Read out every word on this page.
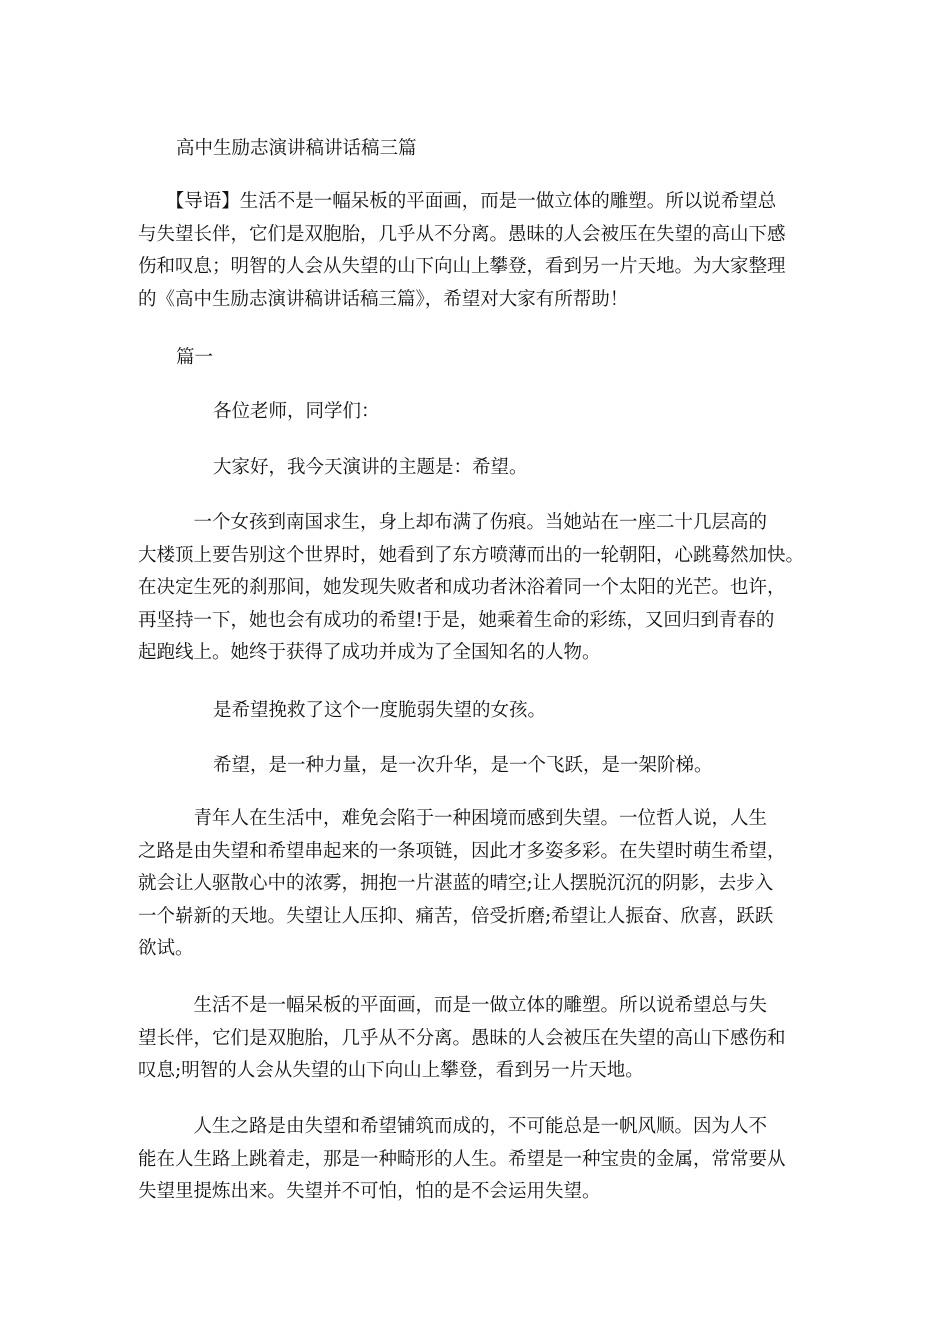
高中生励志演讲稿讲话稿三篇
　　【导语】生活不是一幅呆板的平面画，而是一做立体的雕塑。所以说希望总
与失望长伴，它们是双胞胎，几乎从不分离。愚昧的人会被压在失望的高山下感
伤和叹息；明智的人会从失望的山下向山上攀登，看到另一片天地。为大家整理
的《高中生励志演讲稿讲话稿三篇》，希望对大家有所帮助！
篇一
各位老师，同学们：
大家好，我今天演讲的主题是：希望。
　　　一个女孩到南国求生，身上却布满了伤痕。当她站在一座二十几层高的
大楼顶上要告别这个世界时，她看到了东方喷薄而出的一轮朝阳，心跳蓦然加快。
在决定生死的刹那间，她发现失败者和成功者沐浴着同一个太阳的光芒。也许，
再坚持一下，她也会有成功的希望!于是，她乘着生命的彩练，又回归到青春的
起跑线上。她终于获得了成功并成为了全国知名的人物。
是希望挽救了这个一度脆弱失望的女孩。
希望，是一种力量，是一次升华，是一个飞跃，是一架阶梯。
　　　青年人在生活中，难免会陷于一种困境而感到失望。一位哲人说，人生
之路是由失望和希望串起来的一条项链，因此才多姿多彩。在失望时萌生希望，
就会让人驱散心中的浓雾，拥抱一片湛蓝的晴空;让人摆脱沉沉的阴影，去步入
一个崭新的天地。失望让人压抑、痛苦，倍受折磨;希望让人振奋、欣喜，跃跃
欲试。
　　　生活不是一幅呆板的平面画，而是一做立体的雕塑。所以说希望总与失
望长伴，它们是双胞胎，几乎从不分离。愚昧的人会被压在失望的高山下感伤和
叹息;明智的人会从失望的山下向山上攀登，看到另一片天地。
　　　人生之路是由失望和希望铺筑而成的，不可能总是一帆风顺。因为人不
能在人生路上跳着走，那是一种畸形的人生。希望是一种宝贵的金属，常常要从
失望里提炼出来。失望并不可怕，怕的是不会运用失望。
